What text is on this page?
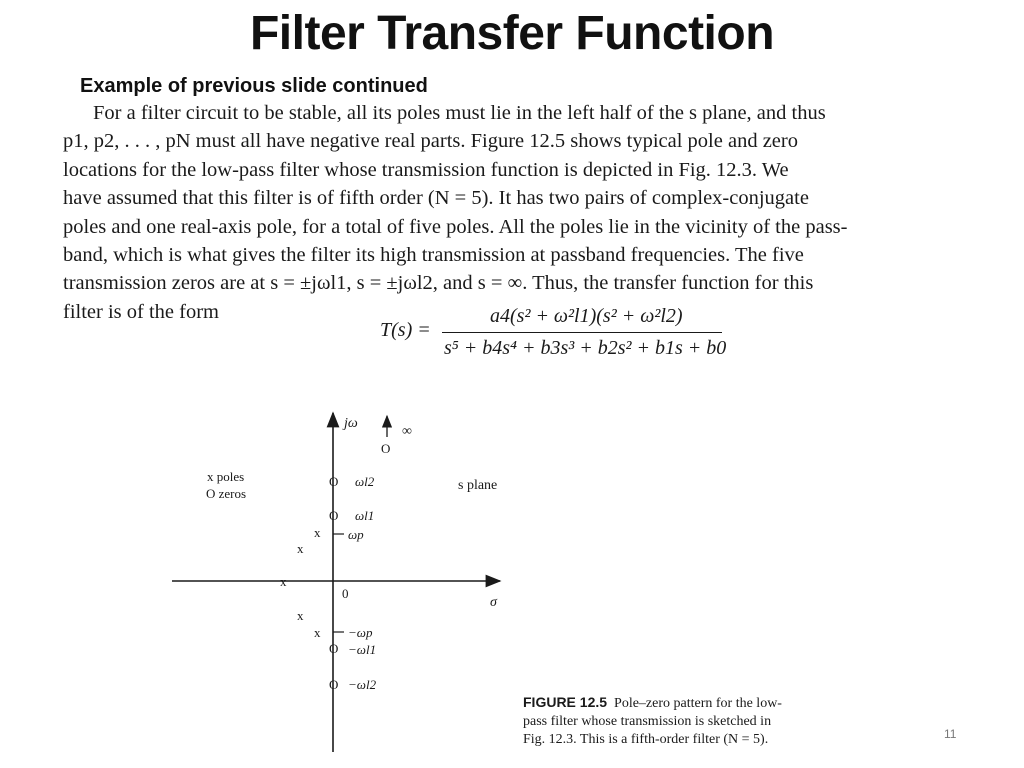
Filter Transfer Function
Example of previous slide continued
For a filter circuit to be stable, all its poles must lie in the left half of the s plane, and thus
p1, p2, . . . , pN must all have negative real parts. Figure 12.5 shows typical pole and zero
locations for the low-pass filter whose transmission function is depicted in Fig. 12.3. We
have assumed that this filter is of fifth order (N = 5). It has two pairs of complex-conjugate
poles and one real-axis pole, for a total of five poles. All the poles lie in the vicinity of the pass-
band, which is what gives the filter its high transmission at passband frequencies. The five
transmission zeros are at s = ±jωl1, s = ±jωl2, and s = ∞. Thus, the transfer function for this
filter is of the form
T(s) =
a4(s² + ω²l1)(s² + ω²l2)
s⁵ + b4s⁴ + b3s³ + b2s² + b1s + b0
jω
∞
σ
0
s plane
x poles
O zeros
O
O
O
O
O
x
x
x
x
x
ωl2
ωl1
ωp
−ωp
−ωl1
−ωl2
FIGURE 12.5 Pole–zero pattern for the low-
pass filter whose transmission is sketched in
Fig. 12.3. This is a fifth-order filter (N = 5).	11
